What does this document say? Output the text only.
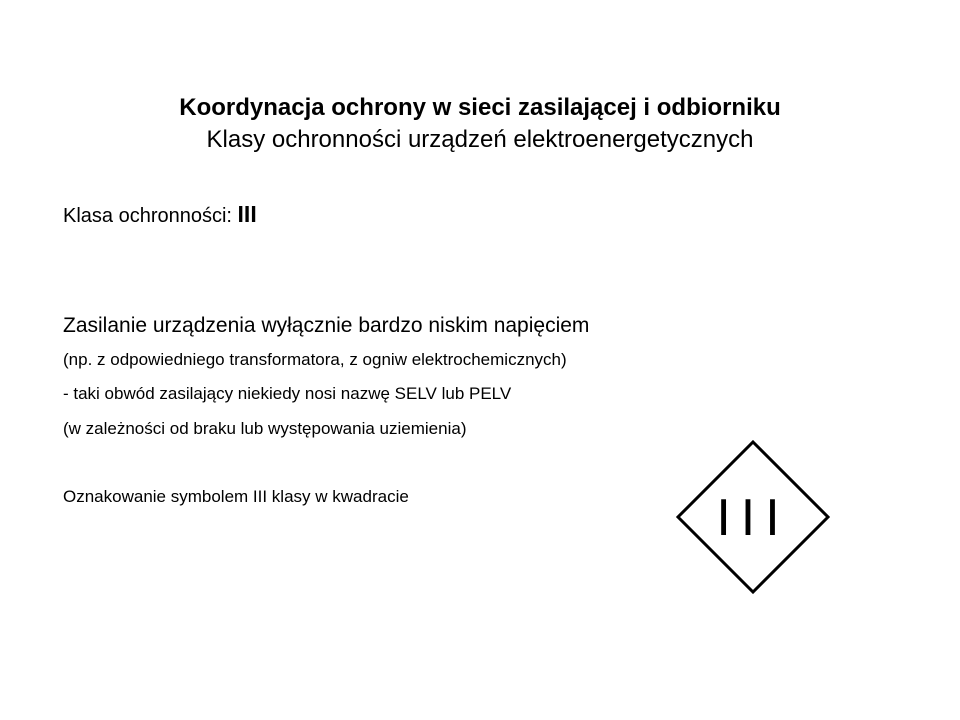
Koordynacja ochrony w sieci zasilającej i odbiorniku
Klasy ochronności urządzeń elektroenergetycznych
Klasa ochronności: III
Zasilanie urządzenia wyłącznie bardzo niskim napięciem
(np. z odpowiedniego transformatora, z ogniw elektrochemicznych)
- taki obwód zasilający niekiedy nosi nazwę SELV lub PELV
(w zależności od braku lub występowania uziemienia)
Oznakowanie symbolem III klasy w kwadracie	III
